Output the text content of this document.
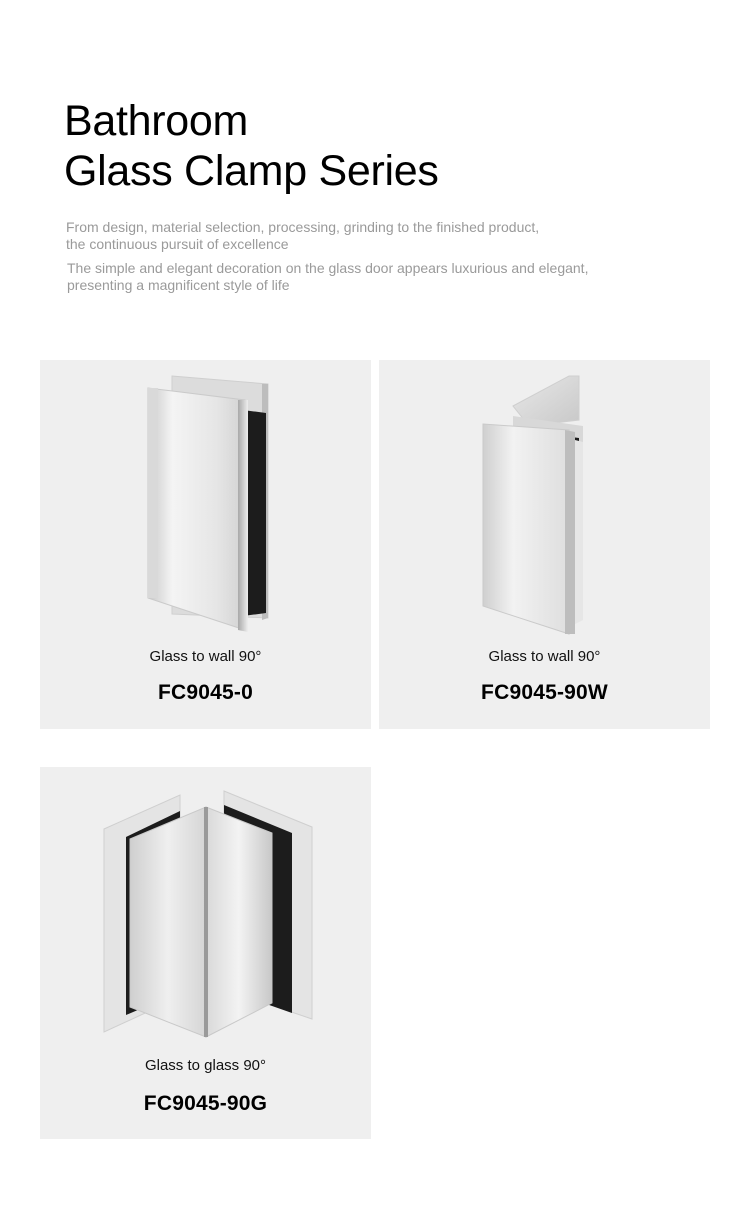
Bathroom
Glass Clamp Series

From design, material selection, processing, grinding to the finished product,
the continuous pursuit of excellence

The simple and elegant decoration on the glass door appears luxurious and elegant,
presenting a magnificent style of life

Glass to wall 90°
FC9045-0
Glass to wall 90°
FC9045-90W
Glass to glass 90°
FC9045-90G
